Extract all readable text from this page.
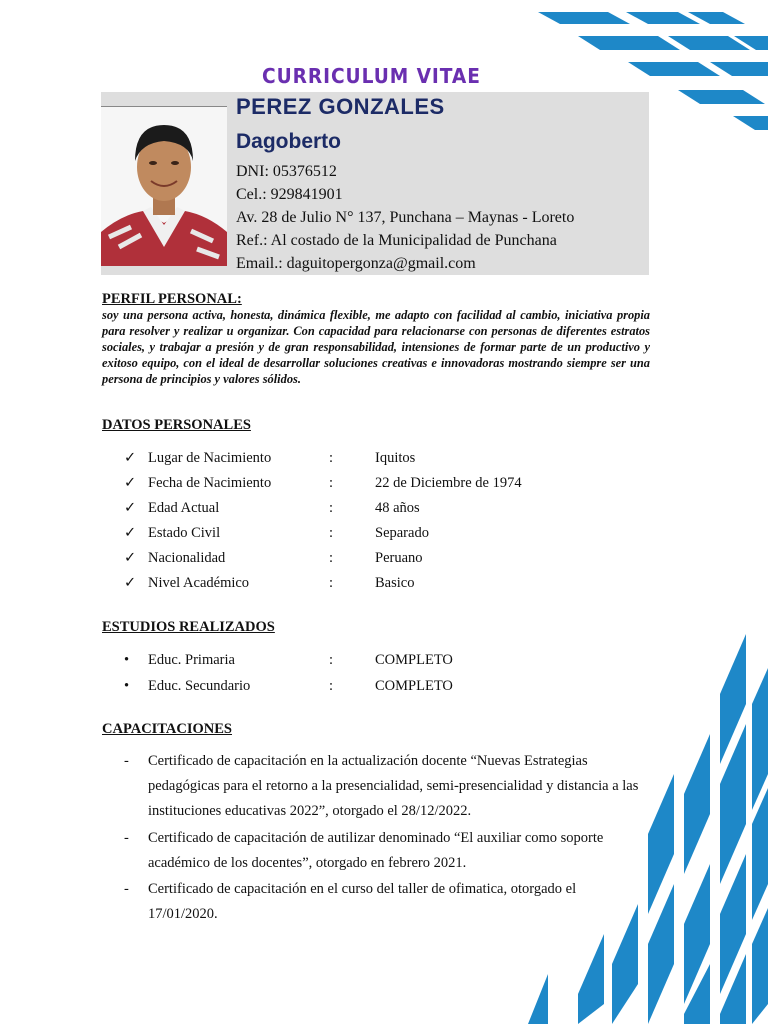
CURRICULUM VITAE
PEREZ GONZALES
Dagoberto
DNI: 05376512
Cel.: 929841901
Av. 28 de Julio N° 137, Punchana – Maynas - Loreto
Ref.: Al costado de la Municipalidad de Punchana
Email.: daguitopergonza@gmail.com
PERFIL PERSONAL:
soy una persona activa, honesta, dinámica flexible, me adapto con facilidad al cambio, iniciativa propia para resolver y realizar u organizar. Con capacidad para relacionarse con personas de diferentes estratos sociales, y trabajar a presión y de gran responsabilidad, intensiones de formar parte de un productivo y exitoso equipo, con el ideal de desarrollar soluciones creativas e innovadoras mostrando siempre ser una persona de principios y valores sólidos.
DATOS PERSONALES
✓ Lugar de Nacimiento	:	Iquitos
✓ Fecha de Nacimiento	:	22 de Diciembre de 1974
✓ Edad Actual	:	48 años
✓ Estado Civil	:	Separado
✓ Nacionalidad	:	Peruano
✓ Nivel Académico	:	Basico
ESTUDIOS REALIZADOS
•	Educ. Primaria	:	COMPLETO
•	Educ. Secundario	:	COMPLETO
CAPACITACIONES
- Certificado de capacitación en la actualización docente “Nuevas Estrategias pedagógicas para el retorno a la presencialidad, semi-presencialidad y distancia a las instituciones educativas 2022”, otorgado el 28/12/2022.
- Certificado de capacitación de autilizar denominado “El auxiliar como soporte académico de los docentes”, otorgado en febrero 2021.
- Certificado de capacitación en el curso del taller de ofimatica, otorgado el 17/01/2020.
